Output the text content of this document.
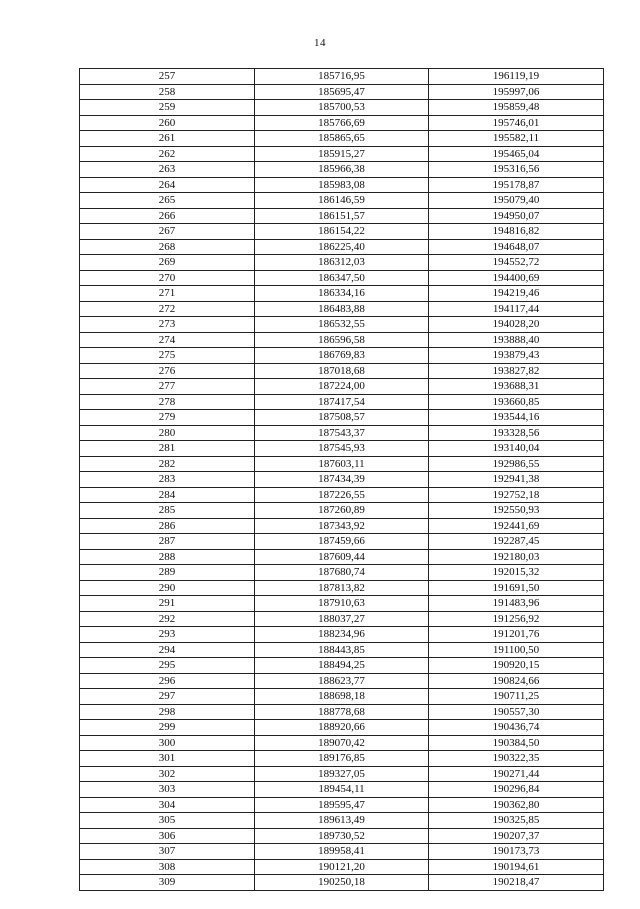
14
257	185716,95	196119,19
258	185695,47	195997,06
259	185700,53	195859,48
260	185766,69	195746,01
261	185865,65	195582,11
262	185915,27	195465,04
263	185966,38	195316,56
264	185983,08	195178,87
265	186146,59	195079,40
266	186151,57	194950,07
267	186154,22	194816,82
268	186225,40	194648,07
269	186312,03	194552,72
270	186347,50	194400,69
271	186334,16	194219,46
272	186483,88	194117,44
273	186532,55	194028,20
274	186596,58	193888,40
275	186769,83	193879,43
276	187018,68	193827,82
277	187224,00	193688,31
278	187417,54	193660,85
279	187508,57	193544,16
280	187543,37	193328,56
281	187545,93	193140,04
282	187603,11	192986,55
283	187434,39	192941,38
284	187226,55	192752,18
285	187260,89	192550,93
286	187343,92	192441,69
287	187459,66	192287,45
288	187609,44	192180,03
289	187680,74	192015,32
290	187813,82	191691,50
291	187910,63	191483,96
292	188037,27	191256,92
293	188234,96	191201,76
294	188443,85	191100,50
295	188494,25	190920,15
296	188623,77	190824,66
297	188698,18	190711,25
298	188778,68	190557,30
299	188920,66	190436,74
300	189070,42	190384,50
301	189176,85	190322,35
302	189327,05	190271,44
303	189454,11	190296,84
304	189595,47	190362,80
305	189613,49	190325,85
306	189730,52	190207,37
307	189958,41	190173,73
308	190121,20	190194,61
309	190250,18	190218,47
